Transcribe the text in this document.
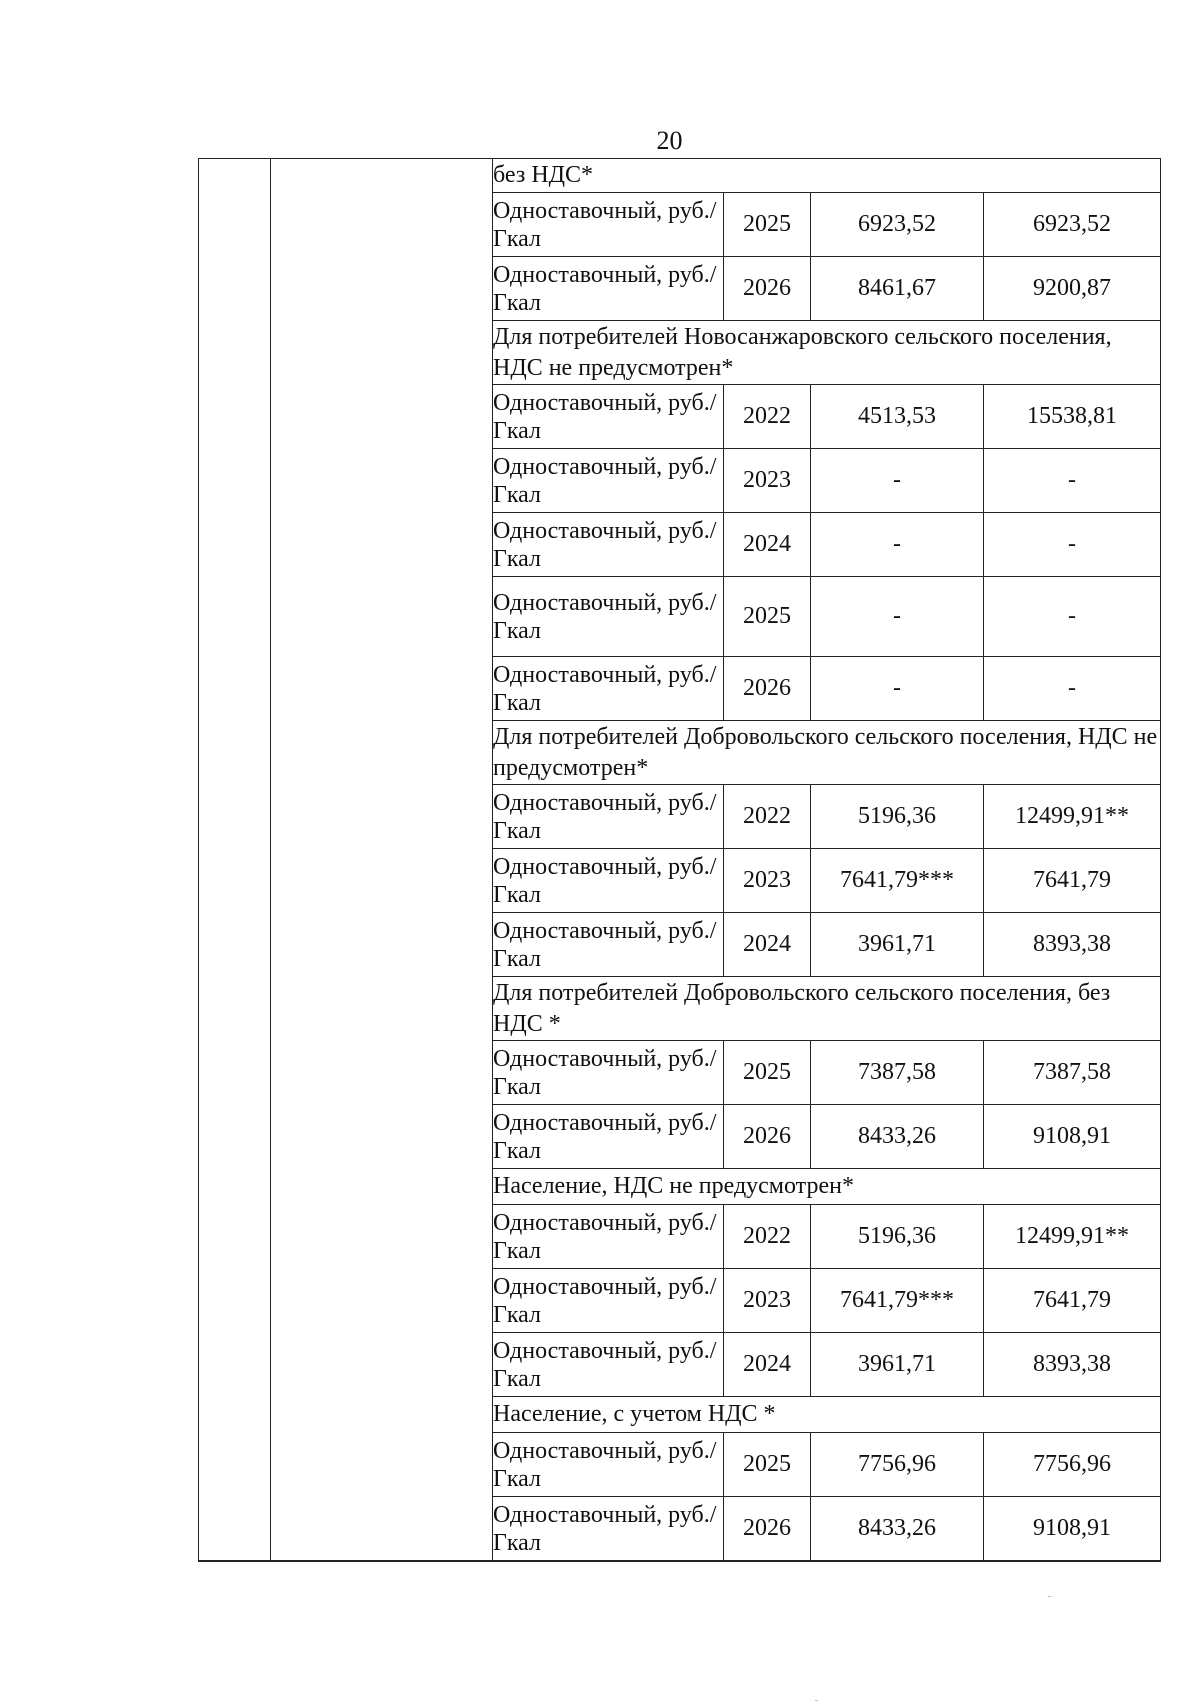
20
		без НДС*			
		Одноставочный, руб./Гкал	2025	6923,52	6923,52
		Одноставочный, руб./Гкал	2026	8461,67	9200,87
		Для потребителей Новосанжаровского сельского поселения, НДС не предусмотрен*			
		Одноставочный, руб./Гкал	2022	4513,53	15538,81
		Одноставочный, руб./Гкал	2023	-	-
		Одноставочный, руб./Гкал	2024	-	-
		Одноставочный, руб./Гкал	2025	-	-
		Одноставочный, руб./Гкал	2026	-	-
		Для потребителей Добровольского сельского поселения, НДС не предусмотрен*			
		Одноставочный, руб./Гкал	2022	5196,36	12499,91**
		Одноставочный, руб./Гкал	2023	7641,79***	7641,79
		Одноставочный, руб./Гкал	2024	3961,71	8393,38
		Для потребителей Добровольского сельского поселения, без НДС *			
		Одноставочный, руб./Гкал	2025	7387,58	7387,58
		Одноставочный, руб./Гкал	2026	8433,26	9108,91
		Население, НДС не предусмотрен*			
		Одноставочный, руб./Гкал	2022	5196,36	12499,91**
		Одноставочный, руб./Гкал	2023	7641,79***	7641,79
		Одноставочный, руб./Гкал	2024	3961,71	8393,38
		Население, с учетом НДС *			
		Одноставочный, руб./Гкал	2025	7756,96	7756,96
		Одноставочный, руб./Гкал	2026	8433,26	9108,91
